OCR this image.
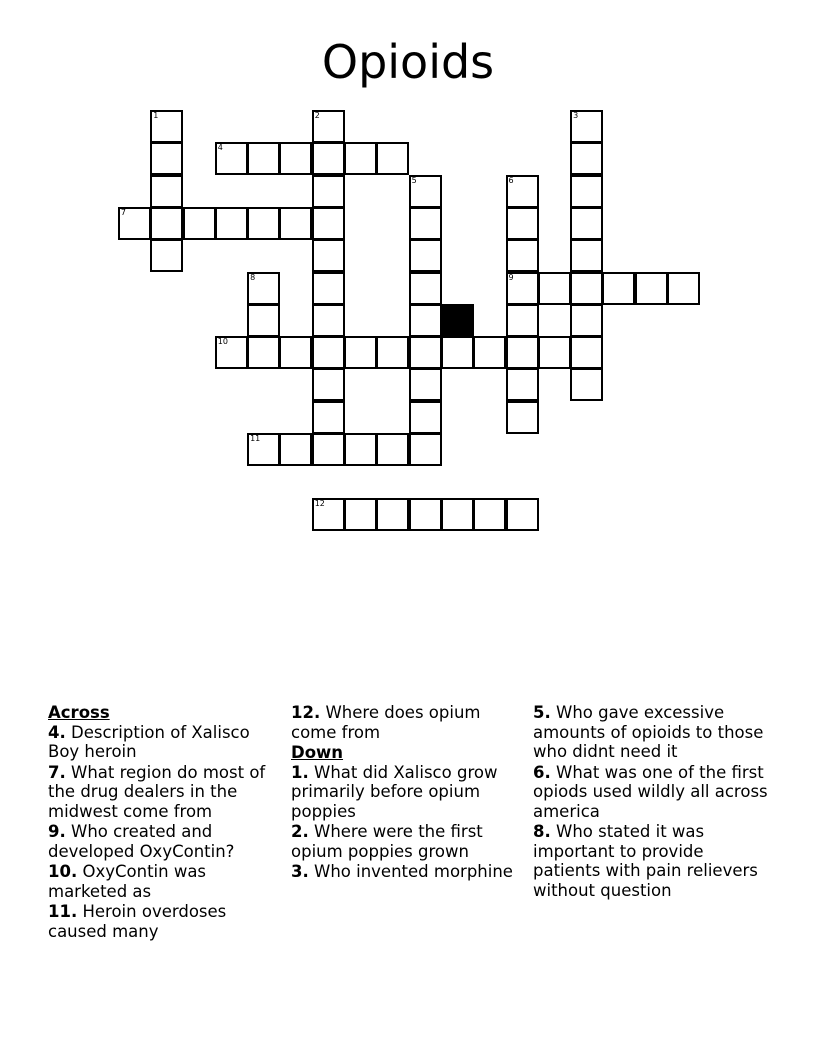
Opioids
1	2	3
4
5	6
9
7
8
10
11
12
Across
4. Description of Xalisco Boy heroin
7. What region do most of the drug dealers in the midwest come from
9. Who created and developed OxyContin?
10. OxyContin was marketed as
11. Heroin overdoses caused many
12. Where does opium come from
Down
1. What did Xalisco grow primarily before opium poppies
2. Where were the first opium poppies grown
3. Who invented morphine
5. Who gave excessive amounts of opioids to those who didnt need it
6. What was one of the first opiods used wildly all across america
8. Who stated it was important to provide patients with pain relievers without question
